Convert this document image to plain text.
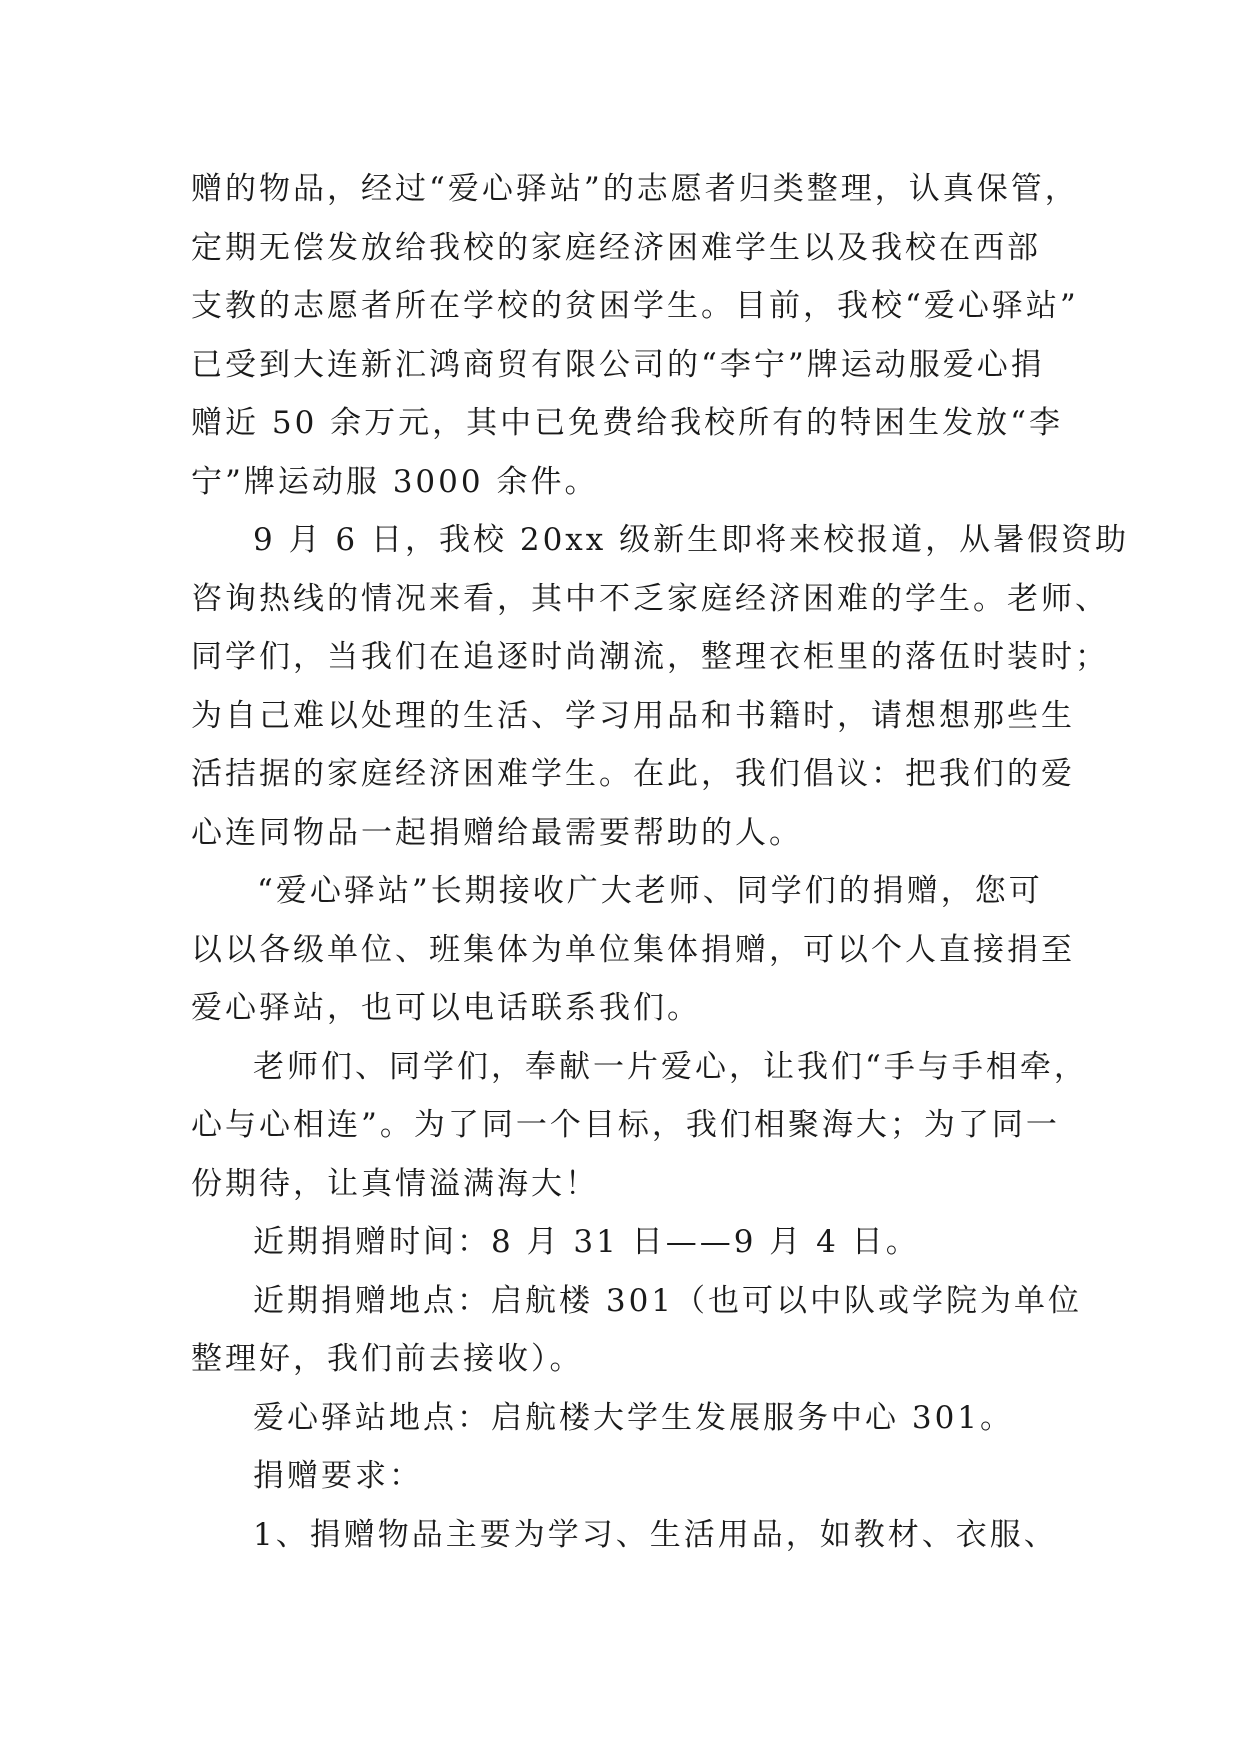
赠的物品，经过“爱心驿站”的志愿者归类整理，认真保管，
定期无偿发放给我校的家庭经济困难学生以及我校在西部
支教的志愿者所在学校的贫困学生。目前，我校“爱心驿站”
已受到大连新汇鸿商贸有限公司的“李宁”牌运动服爱心捐
赠近 50 余万元，其中已免费给我校所有的特困生发放“李
宁”牌运动服 3000 余件。
9 月 6 日，我校 20xx 级新生即将来校报道，从暑假资助
咨询热线的情况来看，其中不乏家庭经济困难的学生。老师、
同学们，当我们在追逐时尚潮流，整理衣柜里的落伍时装时；
为自己难以处理的生活、学习用品和书籍时，请想想那些生
活拮据的家庭经济困难学生。在此，我们倡议：把我们的爱
心连同物品一起捐赠给最需要帮助的人。
“爱心驿站”长期接收广大老师、同学们的捐赠，您可
以以各级单位、班集体为单位集体捐赠，可以个人直接捐至
爱心驿站，也可以电话联系我们。
老师们、同学们，奉献一片爱心，让我们“手与手相牵，
心与心相连”。为了同一个目标，我们相聚海大；为了同一
份期待，让真情溢满海大！
近期捐赠时间：8 月 31 日——9 月 4 日。
近期捐赠地点：启航楼 301（也可以中队或学院为单位
整理好，我们前去接收）。
爱心驿站地点：启航楼大学生发展服务中心 301。
捐赠要求：
1、捐赠物品主要为学习、生活用品，如教材、衣服、
